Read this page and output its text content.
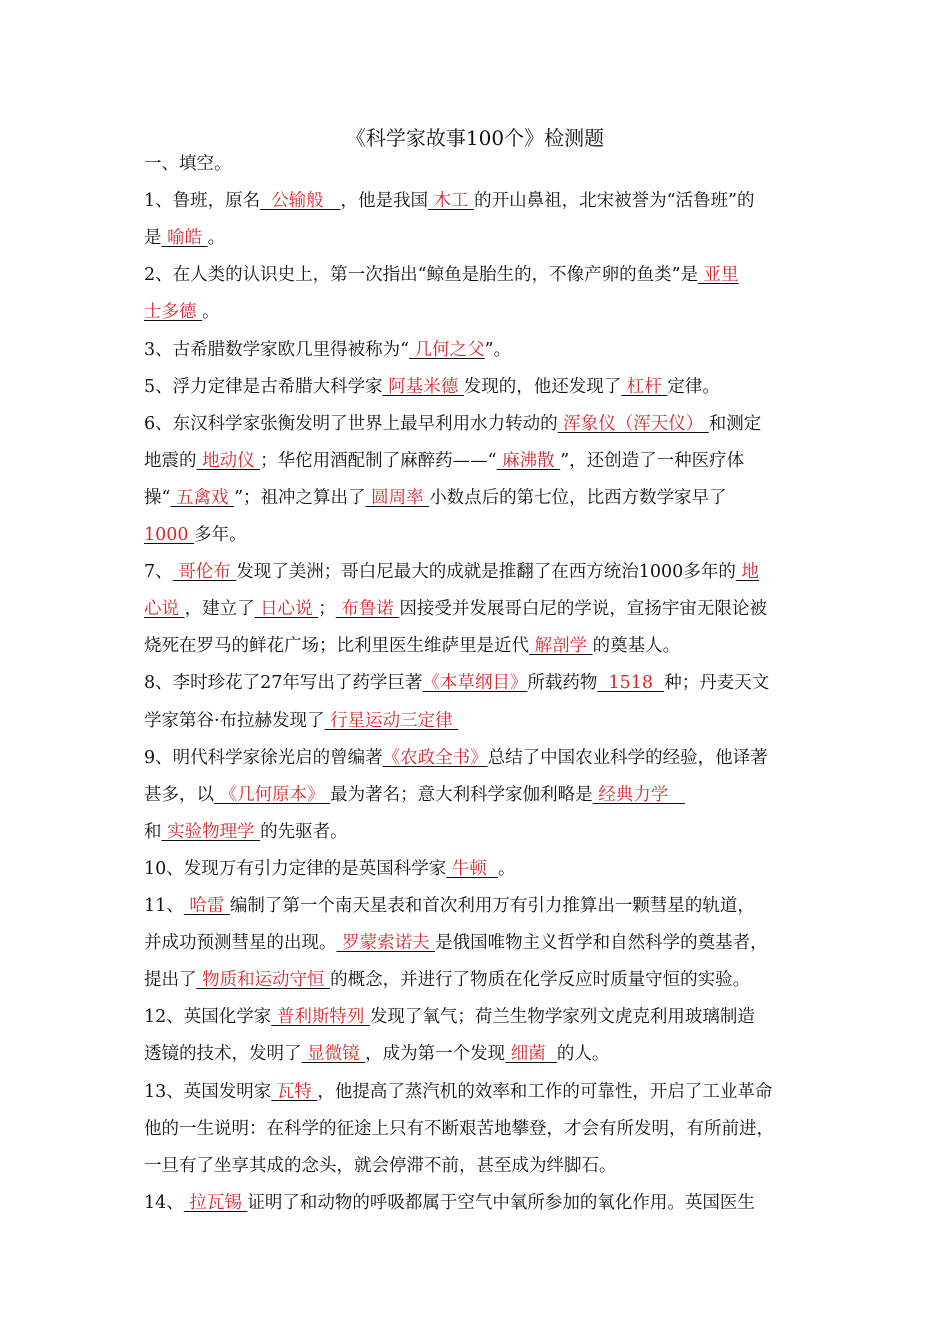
《科学家故事100个》检测题
一、填空。
1、鲁班，原名  公输般   ，他是我国 木工 的开山鼻祖，北宋被誉为“活鲁班”的
是 喻皓 。
2、在人类的认识史上，第一次指出“鲸鱼是胎生的，不像产卵的鱼类”是 亚里
士多德 。
3、古希腊数学家欧几里得被称为“ 几何之父”。
5、浮力定律是古希腊大科学家 阿基米德 发现的，他还发现了 杠杆 定律。
6、东汉科学家张衡发明了世界上最早利用水力转动的 浑象仪（浑天仪） 和测定
地震的 地动仪 ；华佗用酒配制了麻醉药——“ 麻沸散 ”，还创造了一种医疗体
操“ 五禽戏 ”；祖冲之算出了 圆周率 小数点后的第七位，比西方数学家早了
1000 多年。
7、 哥伦布 发现了美洲；哥白尼最大的成就是推翻了在西方统治1000多年的 地
心说 ，建立了 日心说 ； 布鲁诺 因接受并发展哥白尼的学说，宣扬宇宙无限论被
烧死在罗马的鲜花广场；比利里医生维萨里是近代 解剖学 的奠基人。
8、李时珍花了27年写出了药学巨著《本草纲目》所载药物  1518  种；丹麦天文
学家第谷·布拉赫发现了 行星运动三定律
9、明代科学家徐光启的曾编著《农政全书》总结了中国农业科学的经验，他译著
甚多，以 《几何原本》 最为著名；意大利科学家伽利略是 经典力学
和 实验物理学 的先驱者。
10、发现万有引力定律的是英国科学家 牛顿  。
11、 哈雷 编制了第一个南天星表和首次利用万有引力推算出一颗彗星的轨道，
并成功预测彗星的出现。 罗蒙索诺夫 是俄国唯物主义哲学和自然科学的奠基者，
提出了 物质和运动守恒 的概念，并进行了物质在化学反应时质量守恒的实验。
12、英国化学家 普利斯特列 发现了氧气；荷兰生物学家列文虎克利用玻璃制造
透镜的技术，发明了 显微镜 ，成为第一个发现 细菌  的人。
13、英国发明家 瓦特 ，他提高了蒸汽机的效率和工作的可靠性，开启了工业革命
他的一生说明：在科学的征途上只有不断艰苦地攀登，才会有所发明，有所前进，
一旦有了坐享其成的念头，就会停滞不前，甚至成为绊脚石。
14、 拉瓦锡 证明了和动物的呼吸都属于空气中氧所参加的氧化作用。英国医生
